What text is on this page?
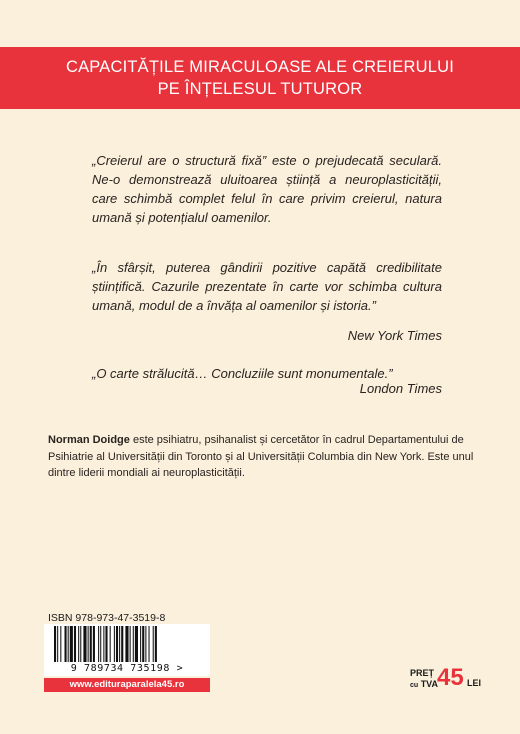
CAPACITĂȚILE MIRACULOASE ALE CREIERULUI
PE ÎNȚELESUL TUTUROR
„Creierul are o structură fixă” este o prejudecată seculară. Ne-o demonstrează uluitoarea știință a neuroplasticității, care schimbă complet felul în care privim creierul, natura umană și potențialul oamenilor.
„În sfârșit, puterea gândirii pozitive capătă credibilitate științifică. Cazurile prezentate în carte vor schimba cultura umană, modul de a învăța al oamenilor și istoria.”
New York Times
„O carte strălucită… Concluziile sunt monumentale.”
London Times
Norman Doidge este psihiatru, psihanalist și cercetător în cadrul Departamentului de Psihiatrie al Universității din Toronto și al Universității Columbia din New York. Este unul dintre liderii mondiali ai neuroplasticității.
ISBN 978-973-47-3519-8
9 789734 735198 >
www.edituraparalela45.ro
PREȚ
cu TVA
45 LEI
